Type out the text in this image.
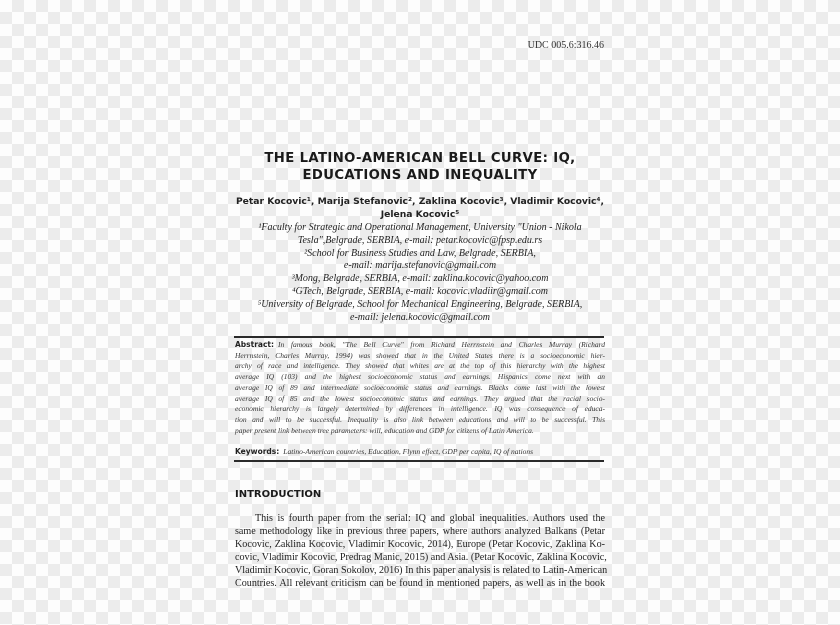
UDC 005.6:316.46
THE LATINO-AMERICAN BELL CURVE: IQ,
EDUCATIONS AND INEQUALITY
Petar Kocovic¹, Marija Stefanovic², Zaklina Kocovic³, Vladimir Kocovic⁴,
Jelena Kocovic⁵
¹Faculty for Strategic and Operational Management, University "Union - Nikola
Tesla",Belgrade, SERBIA, e-mail: petar.kocovic@fpsp.edu.rs
²School for Business Studies and Law, Belgrade, SERBIA,
e-mail: marija.stefanovic@gmail.com
³Mong, Belgrade, SERBIA, e-mail: zaklina.kocovic@yahoo.com
⁴GTech, Belgrade, SERBIA, e-mail: kocovic.vladiir@gmail.com
⁵University of Belgrade, School for Mechanical Engineering, Belgrade, SERBIA,
e-mail: jelena.kocovic@gmail.com
Abstract: In famous book, "The Bell Curve" from Richard Herrnstein and Charles Murray (Richard
Herrnstein, Charles Murray, 1994) was showed that in the United States there is a socioeconomic hier-
archy of race and intelligence. They showed that whites are at the top of this hierarchy with the highest
average IQ (103) and the highest socioeconomic status and earnings. Hispanics come next with an
average IQ of 89 and intermediate socioeconomic status and earnings. Blacks come last with the lowest
average IQ of 85 and the lowest socioeconomic status and earnings. They argued that the racial socio-
economic hierarchy is largely determined by differences in intelligence. IQ was consequence of educa-
tion and will to be successful. Inequality is also link between educations and will to be successful. This
paper present link between tree parameters: will, education and GDP for citizens of Latin America.
Keywords: Latino-American countries, Education, Flynn effect, GDP per capita, IQ of nations
INTRODUCTION
This is fourth paper from the serial: IQ and global inequalities. Authors used the
same methodology like in previous three papers, where authors analyzed Balkans (Petar
Kocovic, Zaklina Kocovic, Vladimir Kocovic, 2014), Europe (Petar Kocovic, Zaklina Ko-
covic, Vladimir Kocovic, Predrag Manic, 2015) and Asia. (Petar Kocovic, Zaklina Kocovic,
Vladimir Kocovic, Goran Sokolov, 2016) In this paper analysis is related to Latin-American
Countries. All relevant criticism can be found in mentioned papers, as well as in the book
